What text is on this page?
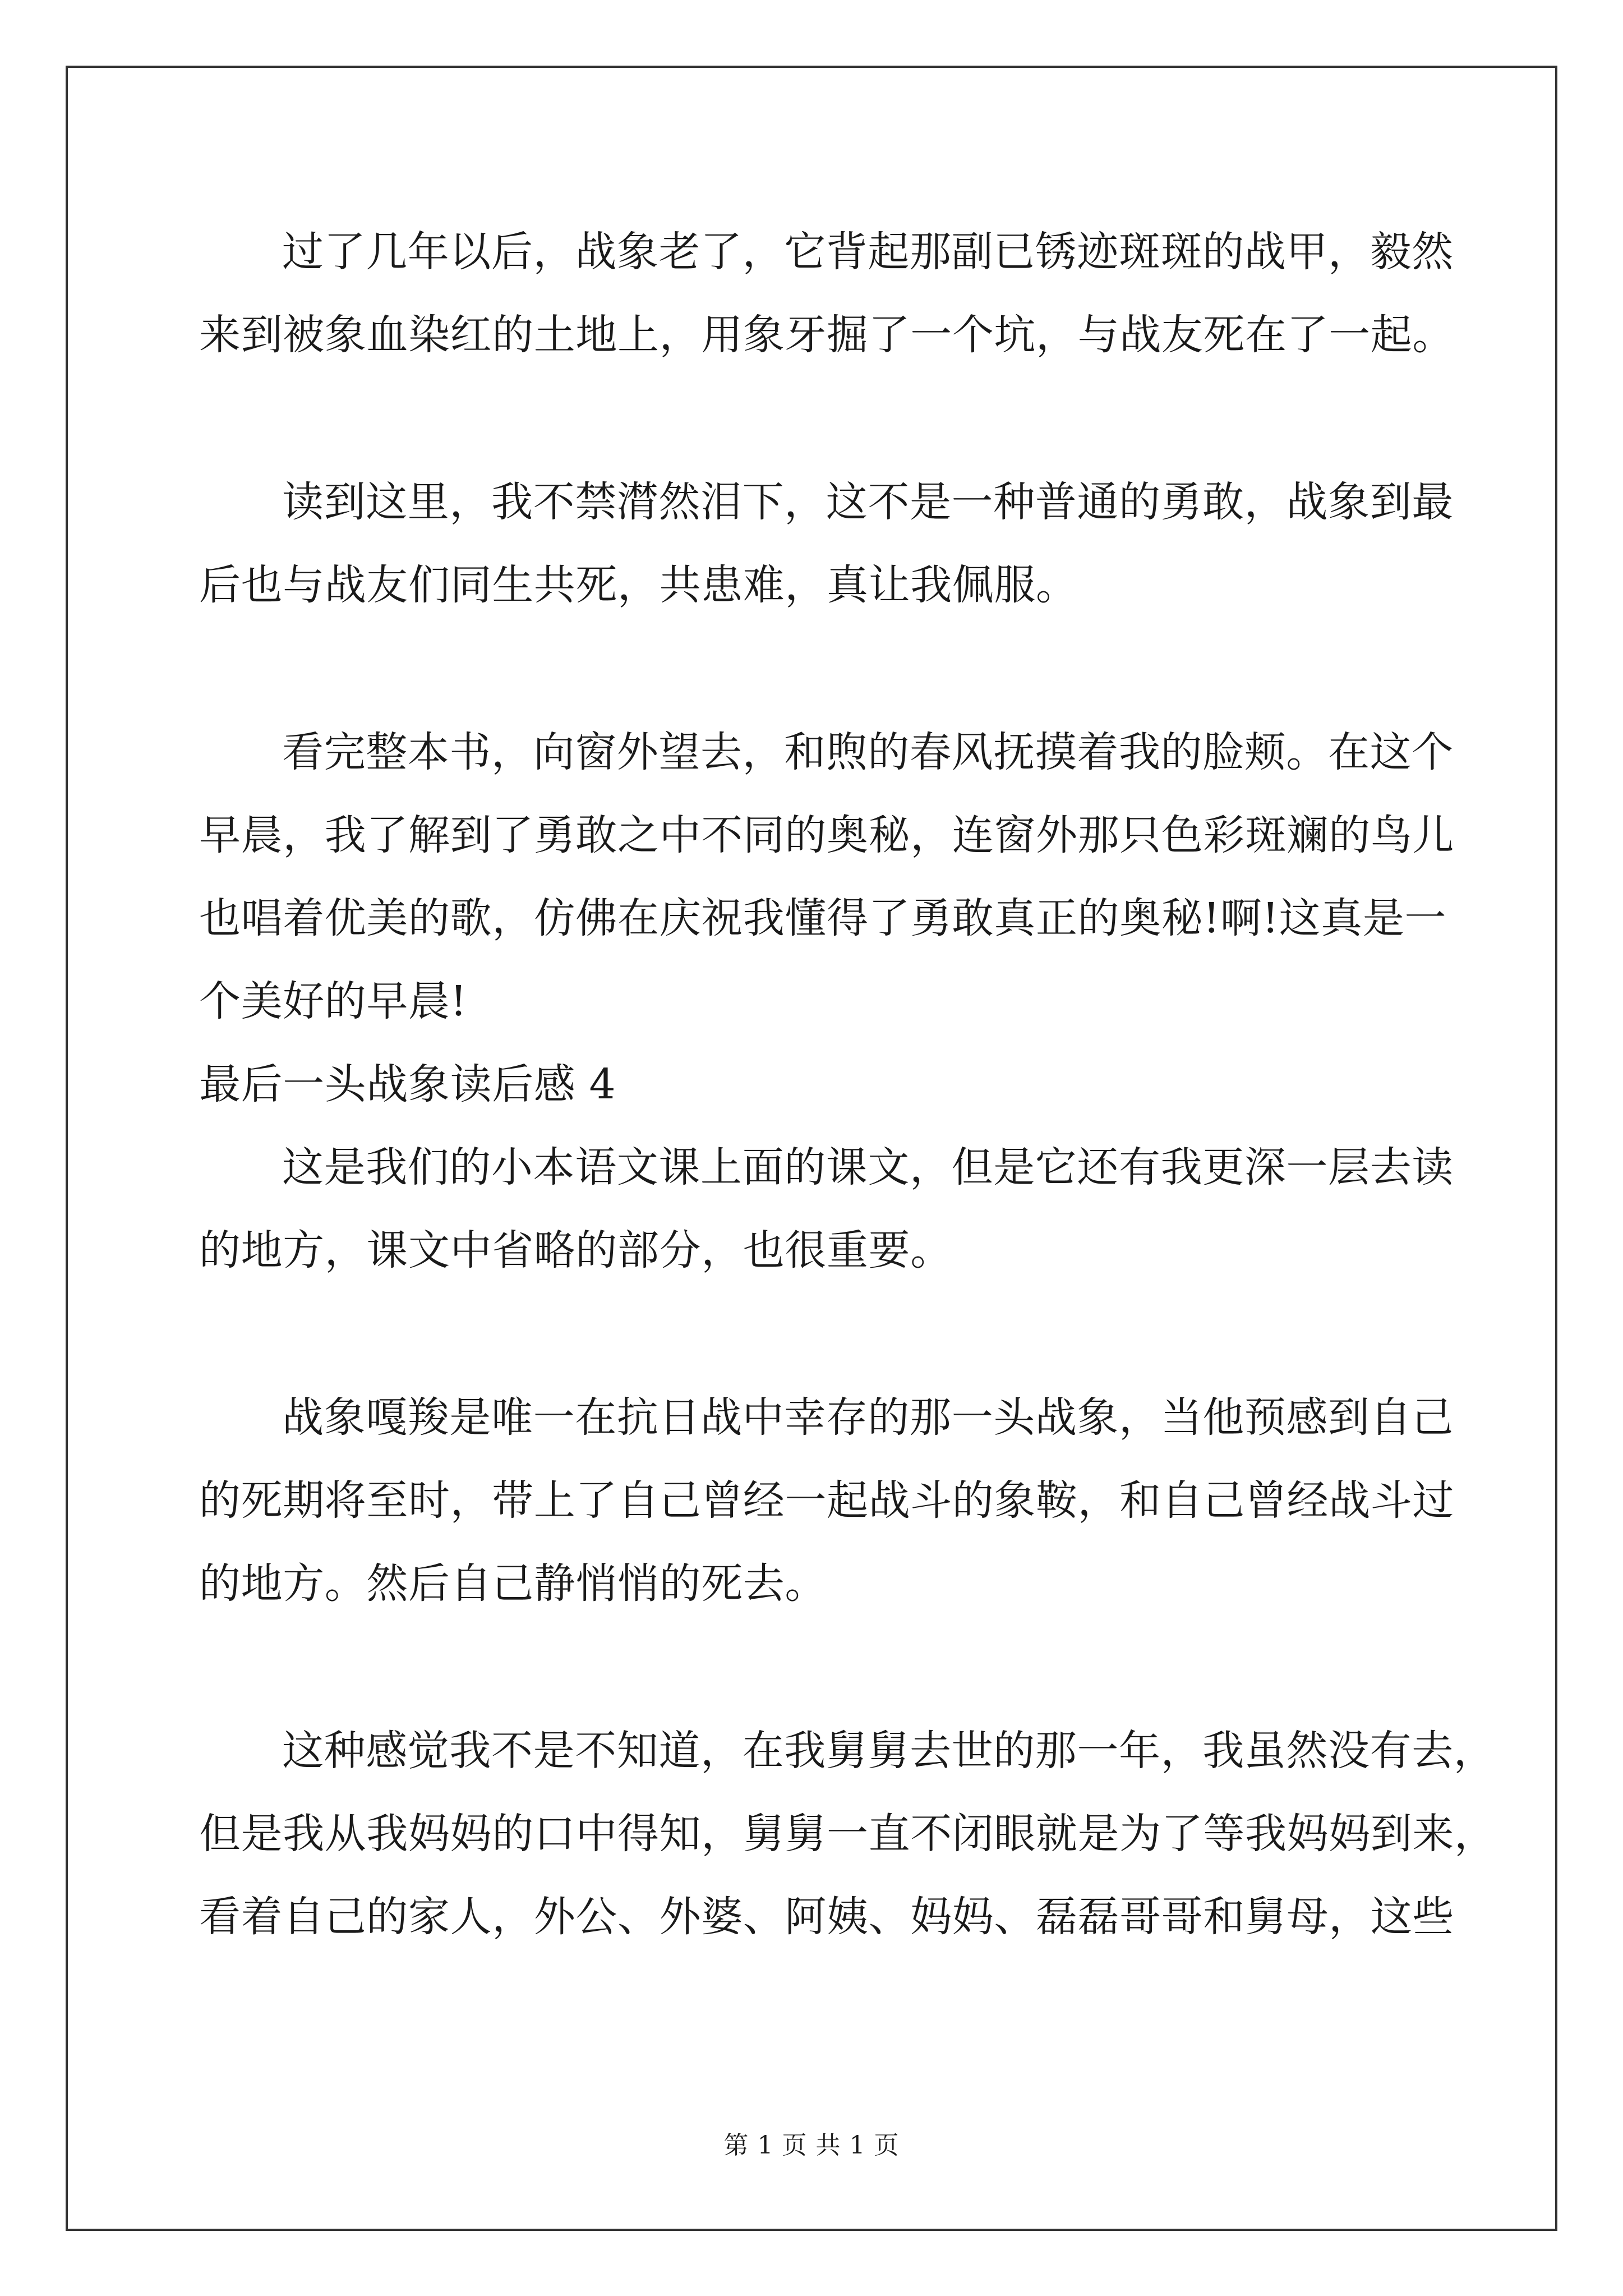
过了几年以后，战象老了，它背起那副已锈迹斑斑的战甲，毅然
来到被象血染红的土地上，用象牙掘了一个坑，与战友死在了一起。
读到这里，我不禁潸然泪下，这不是一种普通的勇敢，战象到最
后也与战友们同生共死，共患难，真让我佩服。
看完整本书，向窗外望去，和煦的春风抚摸着我的脸颊。在这个
早晨，我了解到了勇敢之中不同的奥秘，连窗外那只色彩斑斓的鸟儿
也唱着优美的歌，仿佛在庆祝我懂得了勇敢真正的奥秘!啊!这真是一
个美好的早晨!
最后一头战象读后感 4
这是我们的小本语文课上面的课文，但是它还有我更深一层去读
的地方，课文中省略的部分，也很重要。
战象嘎羧是唯一在抗日战中幸存的那一头战象，当他预感到自己
的死期将至时，带上了自己曾经一起战斗的象鞍，和自己曾经战斗过
的地方。然后自己静悄悄的死去。
这种感觉我不是不知道，在我舅舅去世的那一年，我虽然没有去，
但是我从我妈妈的口中得知，舅舅一直不闭眼就是为了等我妈妈到来，
看着自己的家人，外公、外婆、阿姨、妈妈、磊磊哥哥和舅母，这些
第 1 页 共 1 页
